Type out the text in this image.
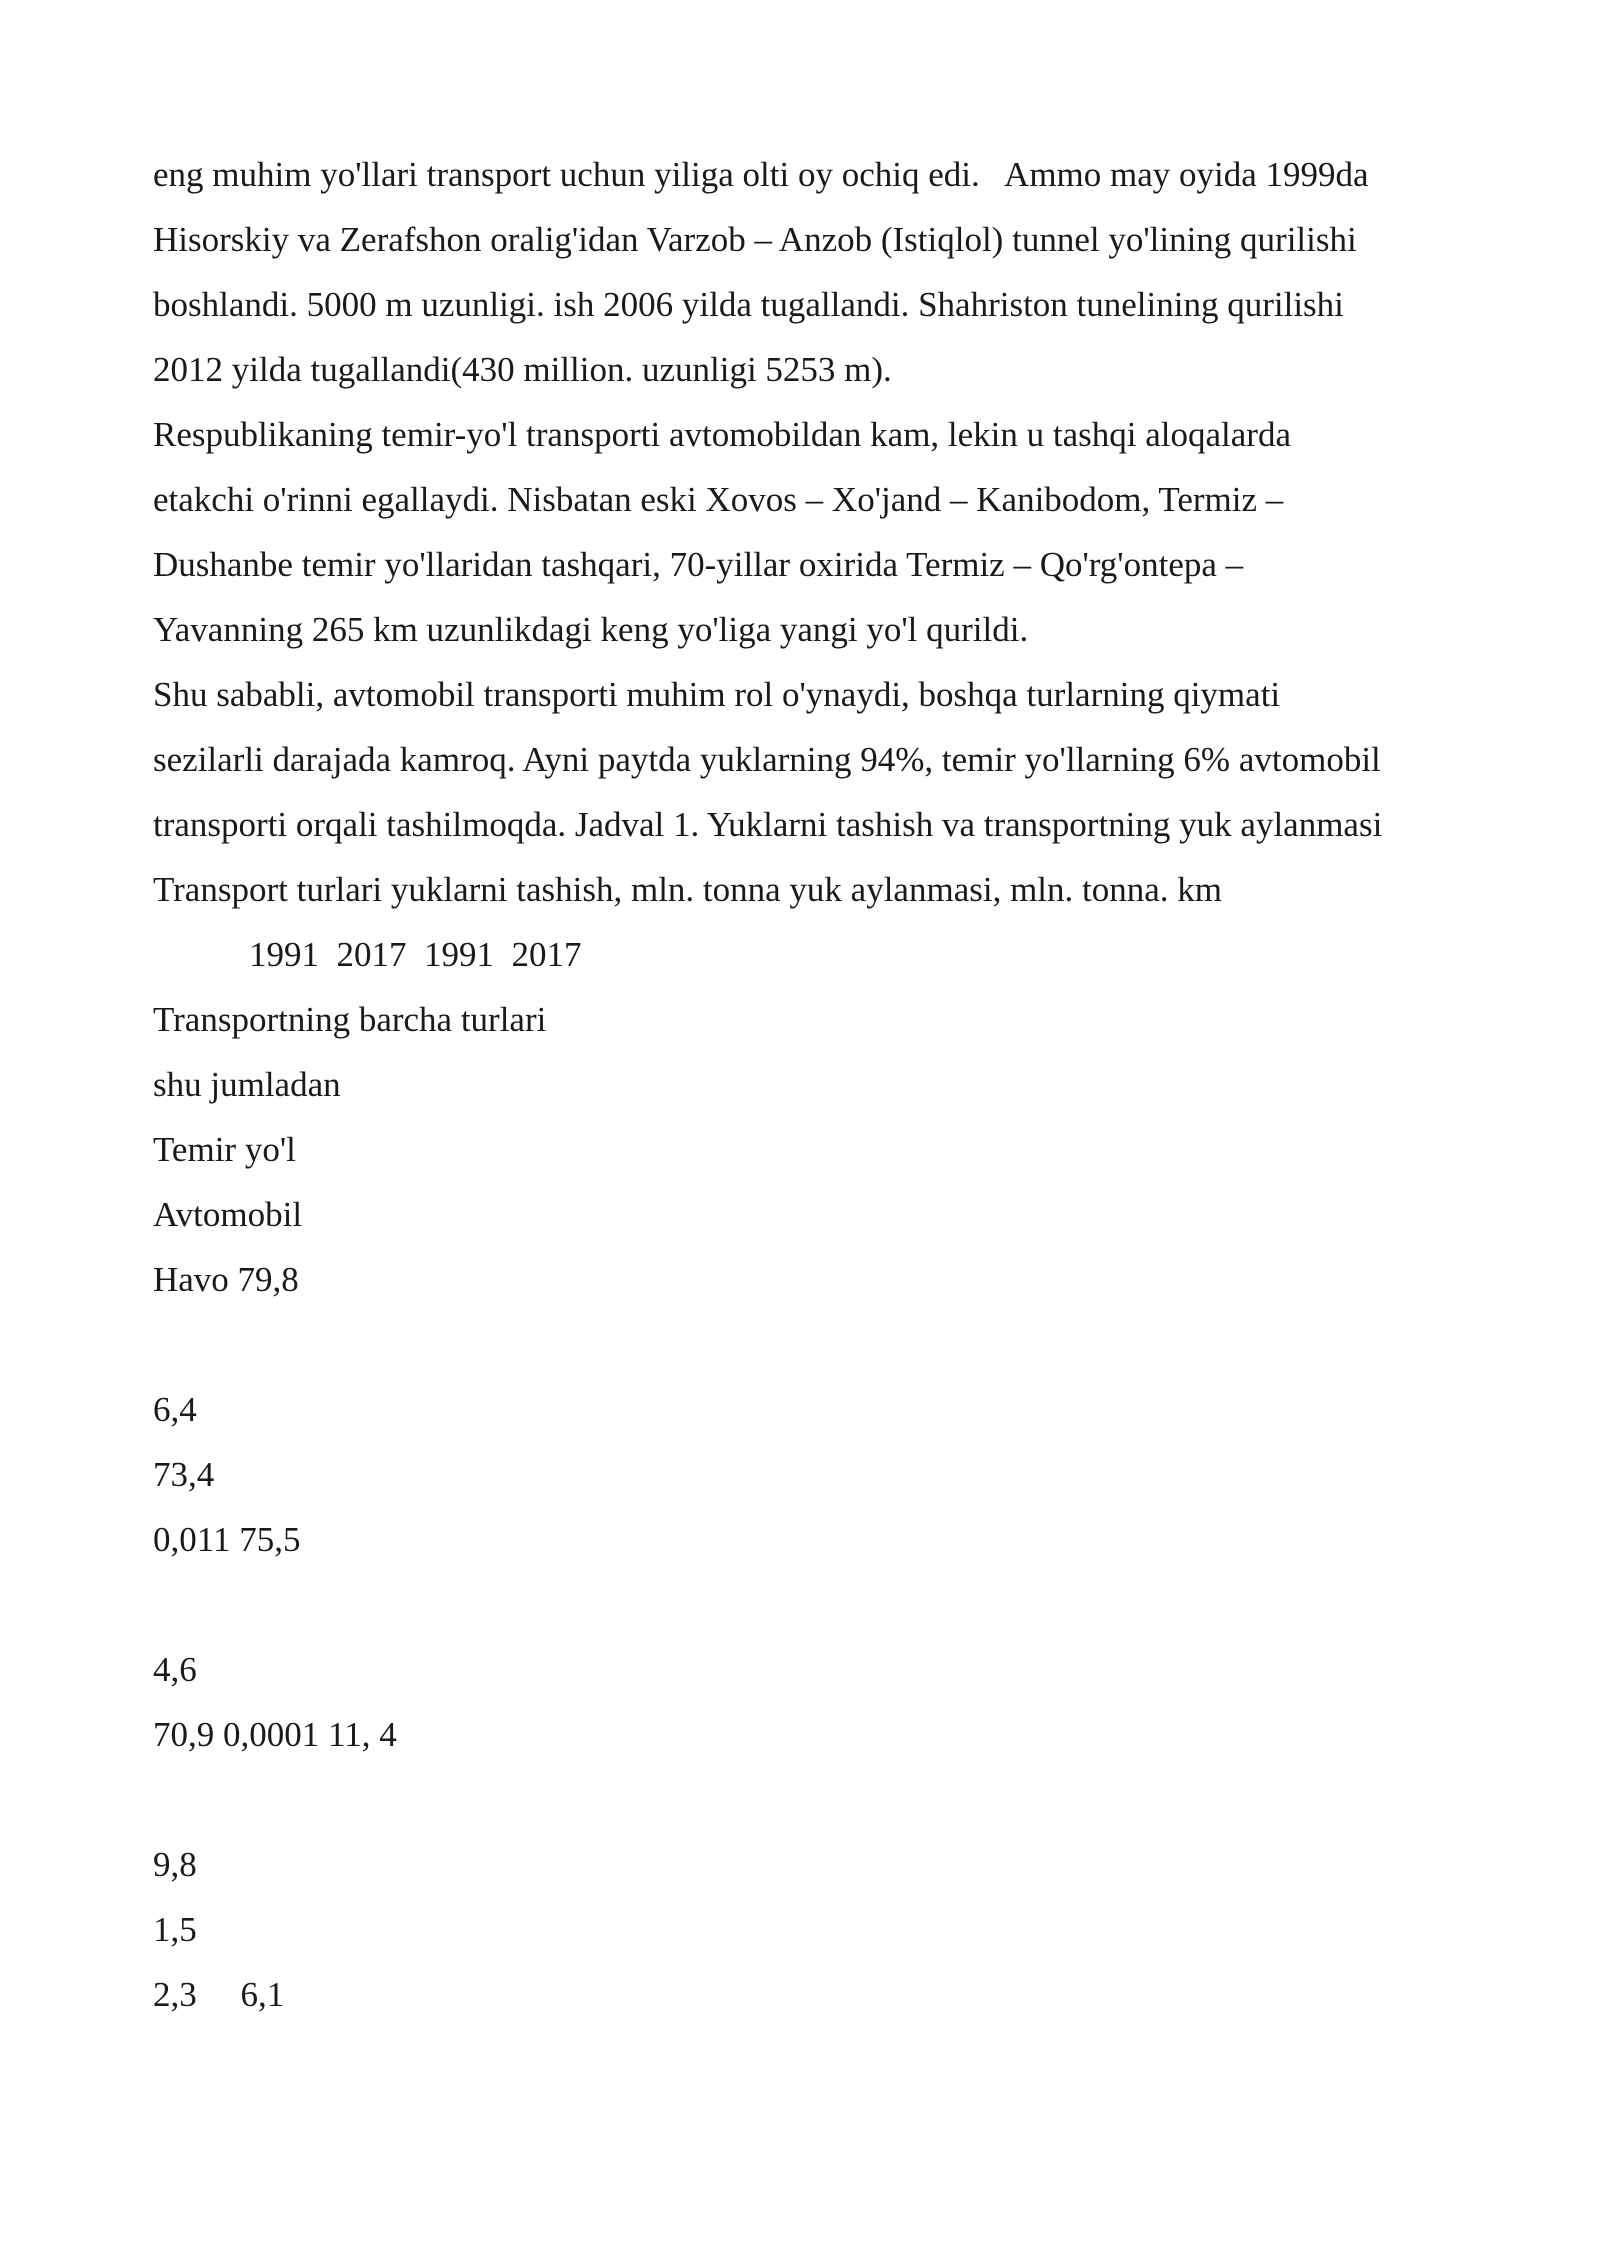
eng muhim yo'llari transport uchun yiliga olti oy ochiq edi.   Ammo may oyida 1999da
Hisorskiy va Zerafshon oralig'idan Varzob – Anzob (Istiqlol) tunnel yo'lining qurilishi
boshlandi. 5000 m uzunligi. ish 2006 yilda tugallandi. Shahriston tunelining qurilishi
2012 yilda tugallandi(430 million. uzunligi 5253 m).
Respublikaning temir-yo'l transporti avtomobildan kam, lekin u tashqi aloqalarda
etakchi o'rinni egallaydi. Nisbatan eski Xovos – Xo'jand – Kanibodom, Termiz –
Dushanbe temir yo'llaridan tashqari, 70-yillar oxirida Termiz – Qo'rg'ontepa –
Yavanning 265 km uzunlikdagi keng yo'liga yangi yo'l qurildi.
Shu sababli, avtomobil transporti muhim rol o'ynaydi, boshqa turlarning qiymati
sezilarli darajada kamroq. Ayni paytda yuklarning 94%, temir yo'llarning 6% avtomobil
transporti orqali tashilmoqda. Jadval 1. Yuklarni tashish va transportning yuk aylanmasi
Transport turlari yuklarni tashish, mln. tonna yuk aylanmasi, mln. tonna. km
1991  2017  1991  2017
Transportning barcha turlari
shu jumladan
Temir yo'l
Avtomobil
Havo 79,8
6,4
73,4
0,011 75,5
4,6
70,9 0,0001 11, 4
9,8
1,5
2,3     6,1
